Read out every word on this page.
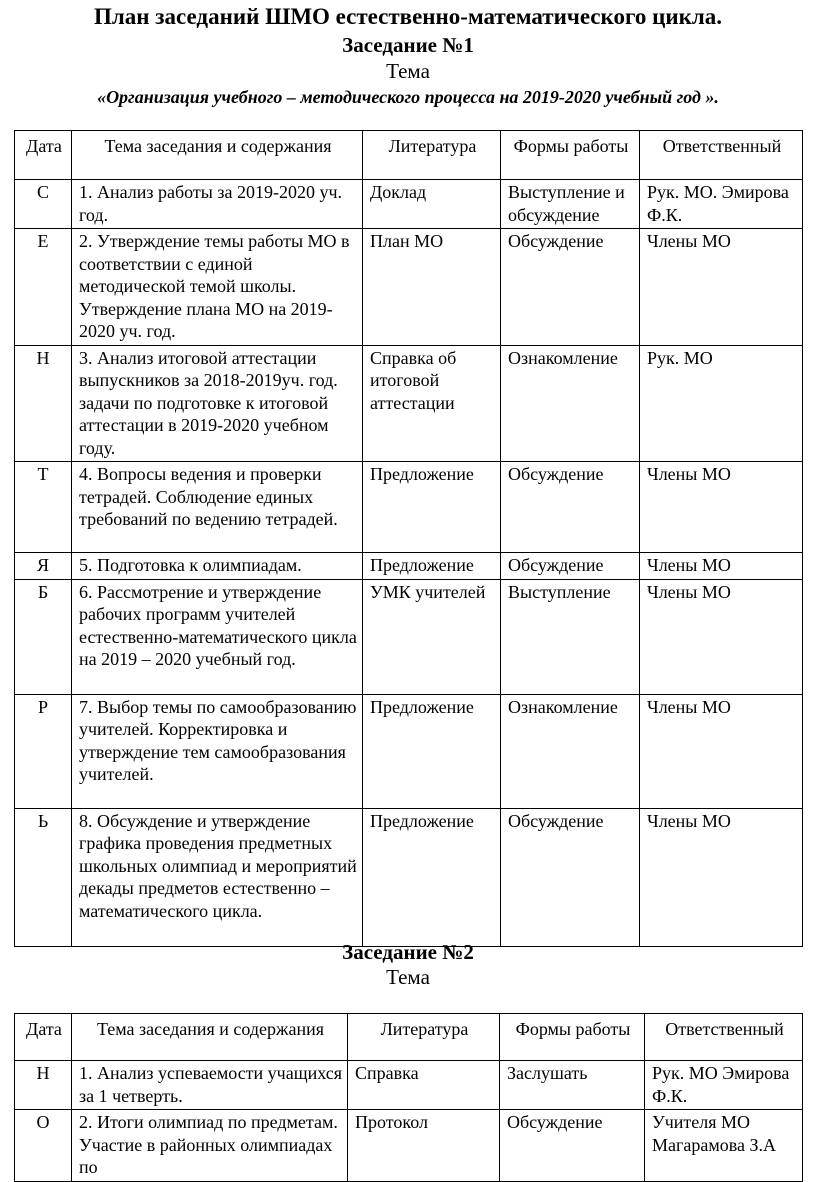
План заседаний ШМО естественно-математического цикла.
Заседание №1
Тема
«Организация учебного – методического процесса на 2019-2020 учебный год ».
Дата	Тема заседания и содержания	Литература	Формы работы	Ответственный
С	1. Анализ работы за 2019-2020 уч. год.	Доклад	Выступление и обсуждение	Рук. МО. Эмирова Ф.К.
Е	2. Утверждение темы работы МО в соответствии с единой методической темой школы. Утверждение плана МО на 2019-2020 уч. год.	План МО	Обсуждение	Члены МО
Н	3. Анализ итоговой аттестации выпускников за 2018-2019уч. год. задачи по подготовке к итоговой аттестации в 2019-2020 учебном году.	Справка об итоговой аттестации	Ознакомление	Рук. МО
Т	4. Вопросы ведения и проверки тетрадей. Соблюдение единых требований по ведению тетрадей.	Предложение	Обсуждение	Члены МО
Я	5. Подготовка к олимпиадам.	Предложение	Обсуждение	Члены МО
Б	6. Рассмотрение и утверждение рабочих программ учителей естественно-математического цикла на 2019 – 2020 учебный год.	УМК учителей	Выступление	Члены МО
Р	7. Выбор темы по самообразованию учителей. Корректировка и утверждение тем самообразования учителей.	Предложение	Ознакомление	Члены МО
Ь	8. Обсуждение и утверждение графика проведения предметных школьных олимпиад и мероприятий декады предметов естественно – математического цикла.	Предложение	Обсуждение	Члены МО
Заседание №2
Тема
Дата	Тема заседания и содержания	Литература	Формы работы	Ответственный
Н	1. Анализ успеваемости учащихся за 1 четверть.	Справка	Заслушать	Рук. МО Эмирова Ф.К.
О	2. Итоги олимпиад по предметам. Участие в районных олимпиадах по	Протокол	Обсуждение	Учителя МО Магарамова З.А
